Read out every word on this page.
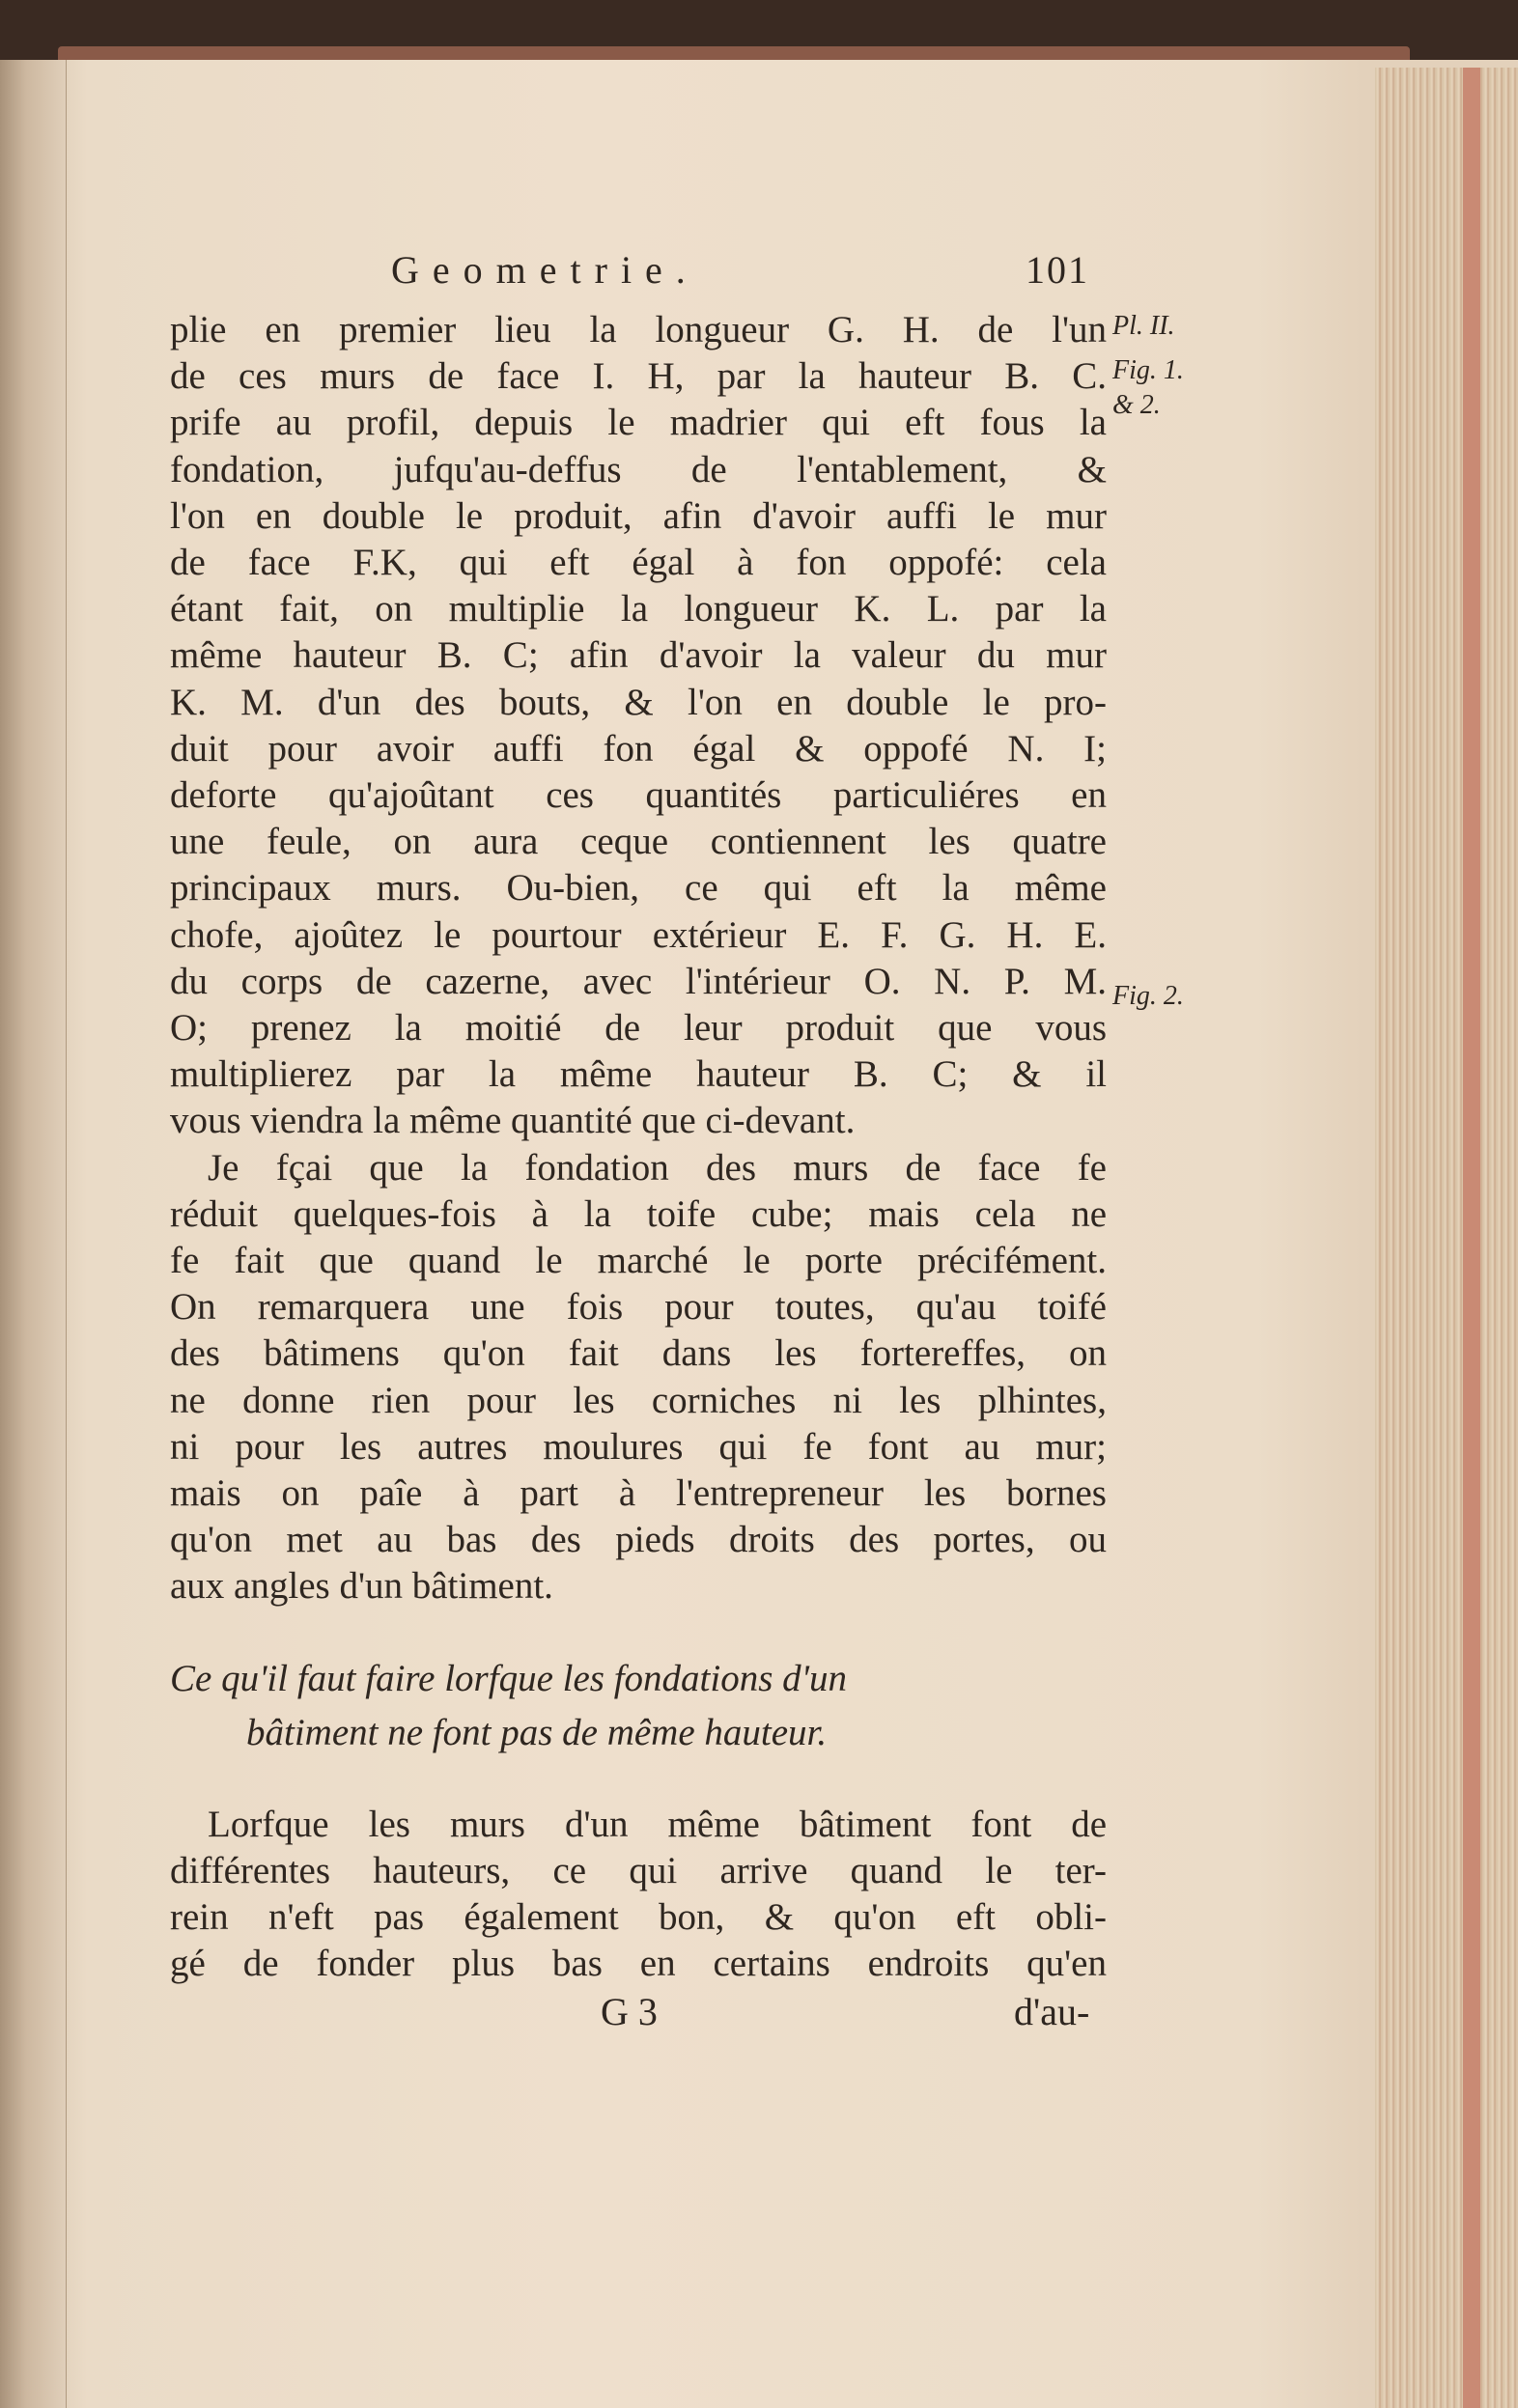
Geometrie.	101
plie en premier lieu la longueur G. H. de l'un
de ces murs de face I. H, par la hauteur B. C.
prife au profil, depuis le madrier qui eft fous la
fondation, jufqu'au-deffus de l'entablement, &
l'on en double le produit, afin d'avoir auffi le mur
de face F.K, qui eft égal à fon oppofé: cela
étant fait, on multiplie la longueur K. L. par la
même hauteur B. C; afin d'avoir la valeur du mur
K. M. d'un des bouts, & l'on en double le pro-
duit pour avoir auffi fon égal & oppofé N. I;
deforte qu'ajoûtant ces quantités particuliéres en
une feule, on aura ceque contiennent les quatre
principaux murs. Ou-bien, ce qui eft la même
chofe, ajoûtez le pourtour extérieur E. F. G. H. E.
du corps de cazerne, avec l'intérieur O. N. P. M.
O; prenez la moitié de leur produit que vous
multiplierez par la même hauteur B. C; & il
vous viendra la même quantité que ci-devant.
Je fçai que la fondation des murs de face fe
réduit quelques-fois à la toife cube; mais cela ne
fe fait que quand le marché le porte précifément.
On remarquera une fois pour toutes, qu'au toifé
des bâtimens qu'on fait dans les fortereffes, on
ne donne rien pour les corniches ni les plhintes,
ni pour les autres moulures qui fe font au mur;
mais on paîe à part à l'entrepreneur les bornes
qu'on met au bas des pieds droits des portes, ou
aux angles d'un bâtiment.
Ce qu'il faut faire lorfque les fondations d'un
bâtiment ne font pas de même hauteur.
Lorfque les murs d'un même bâtiment font de
différentes hauteurs, ce qui arrive quand le ter-
rein n'eft pas également bon, & qu'on eft obli-
gé de fonder plus bas en certains endroits qu'en
Pl. II.
Fig. 1.
& 2.
Fig. 2.
G 3	d'au-
